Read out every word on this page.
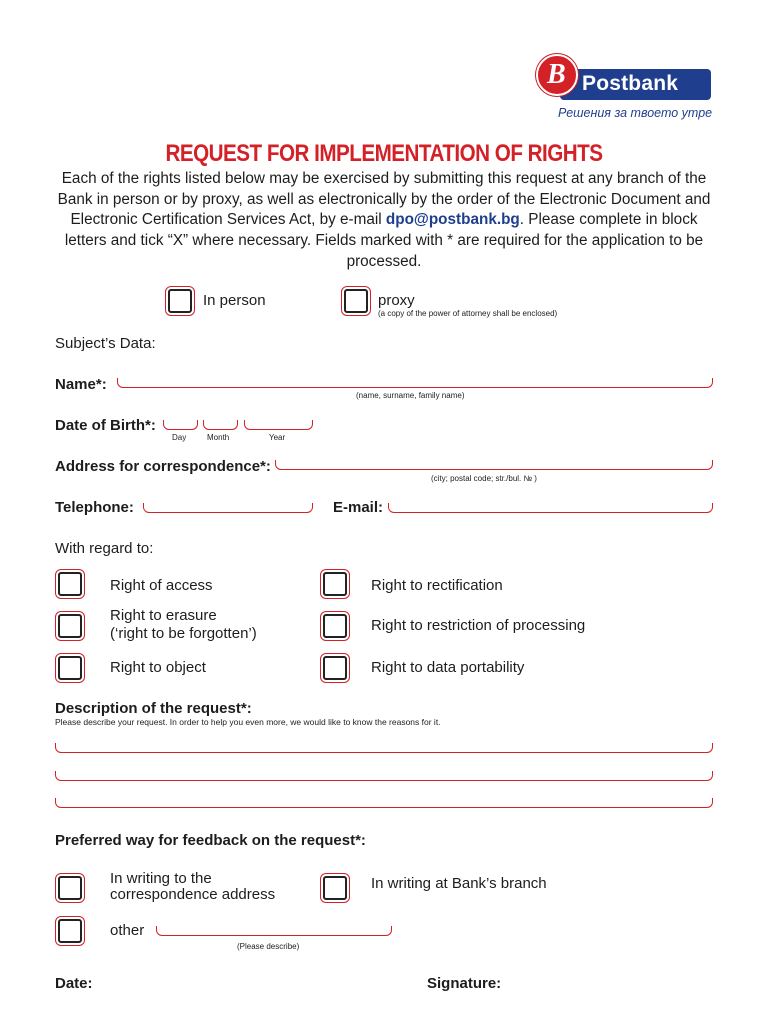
Postbank
B
Решения за твоето утре
REQUEST FOR IMPLEMENTATION OF RIGHTS
Each of the rights listed below may be exercised by submitting this request at any branch of the Bank in person or by proxy, as well as electronically by the order of the Electronic Document and Electronic Certification Services Act, by e-mail dpo@postbank.bg. Please complete in block letters and tick “X” where necessary. Fields marked with * are required for the application to be processed.
In person	proxy
(a copy of the power of attorney shall be enclosed)
Subject’s Data:
Name*:
(name, surname, family name)
Date of Birth*:
Day	Month	Year
Address for correspondence*:
(city; postal code; str./bul. № )
Telephone:	E-mail:
With regard to:
Right of access	Right to rectification
Right to erasure
(‘right to be forgotten’)	Right to restriction of processing
Right to object	Right to data portability
Description of the request*:
Please describe your request. In order to help you even more, we would like to know the reasons for it.
Preferred way for feedback on the request*:
In writing to the
correspondence address
In writing at Bank’s branch
other
(Please describe)
Date:	Signature:
